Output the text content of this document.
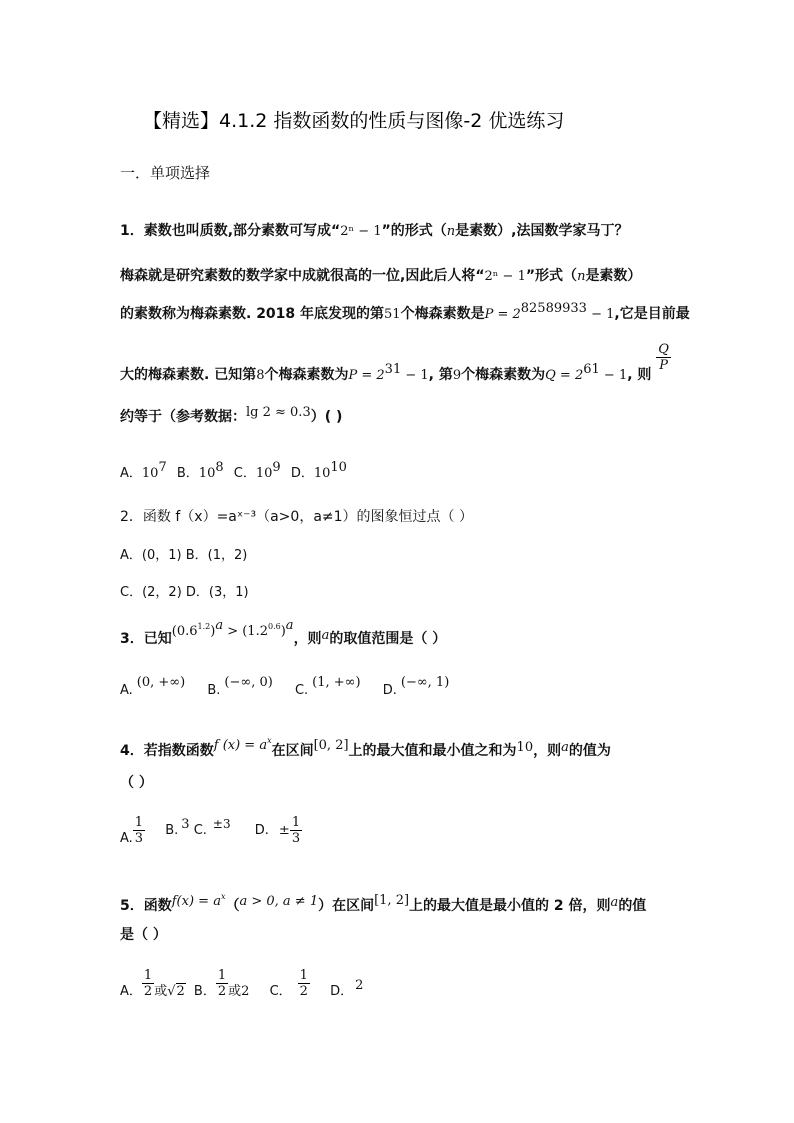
【精选】4.1.2 指数函数的性质与图像-2 优选练习
一．单项选择
1．素数也叫质数,部分素数可写成“2ⁿ − 1”的形式（n是素数）,法国数学家马丁？
梅森就是研究素数的数学家中成就很高的一位,因此后人将“2ⁿ − 1”形式（n是素数）
的素数称为梅森素数. 2018 年底发现的第51个梅森素数是$P = 2^{82589933} - 1$,它是目前最
大的梅森素数. 已知第8个梅森素数为$P = 2^{31} - 1$, 第9个梅森素数为$Q = 2^{61} - 1$, 则
$\frac{Q}{P}$
约等于（参考数据：lg 2 ≈ 0.3）( )
A．$10^7$ B．$10^8$ C．$10^9$ D．$10^{10}$
2．函数 f（x）=aˣ⁻³（a>0，a≠1）的图象恒过点（ ）
A．(0，1) B．(1，2)
C．(2，2) D．(3，1)
3．已知$(0.6^{1.2})^a > (1.2^{0.6})^a$，则a的取值范围是（ ）
A.(0, +∞) B.(−∞, 0) C.(1, +∞) D.(−∞, 1)
4．若指数函数f $(x) = a^x$在区间[0, 2]上的最大值和最小值之和为10，则a的值为
（ ）
A. $\frac{1}{3} B$. 3 C. ±3 D. ± $\frac{1}{3}$
5．函数$f(x) = a^x(a > 0$, a ≠ 1）在区间[1, 2]上的最大值是最小值的 2 倍，则a的值
是（ ）
A． $\frac{1}{2}$ 或√2 B． $\frac{1}{2}$ 或2 C． $\frac{1}{2}$ D． 2
